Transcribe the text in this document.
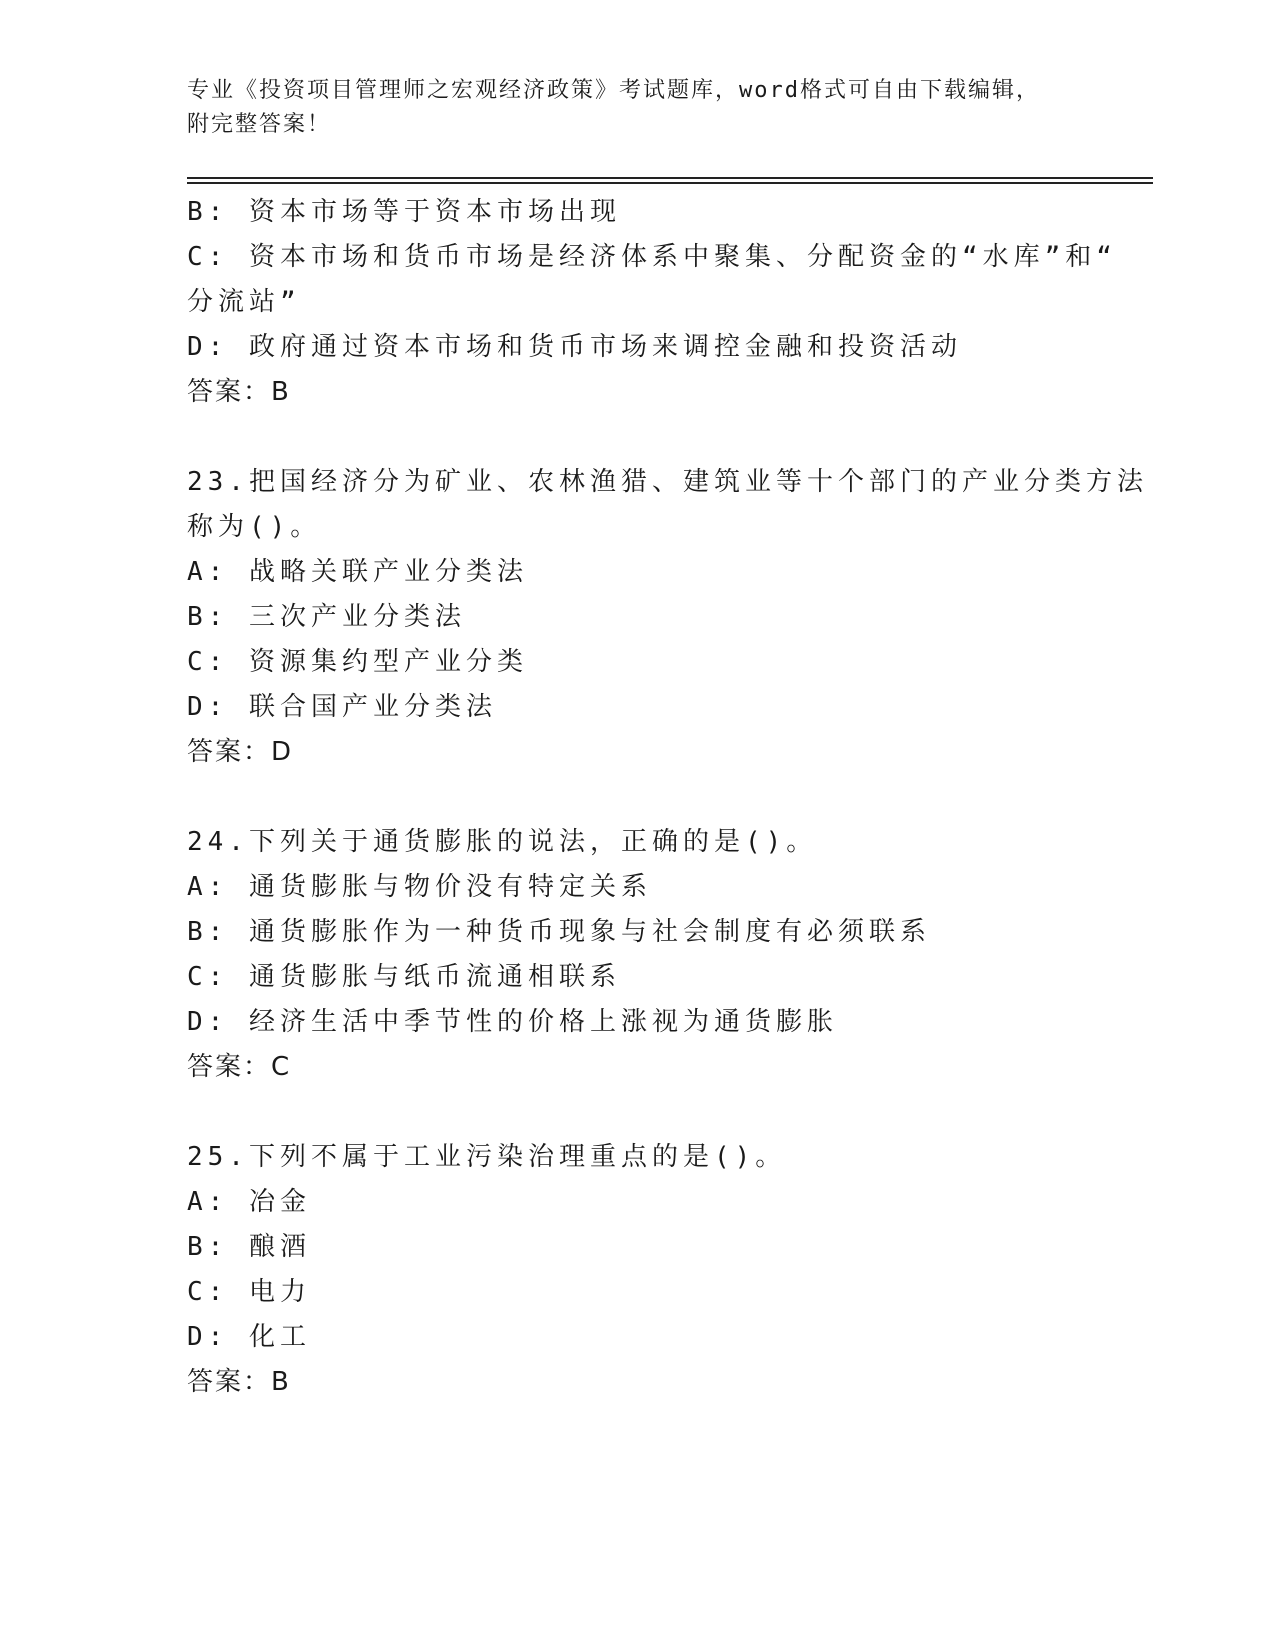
专业《投资项目管理师之宏观经济政策》考试题库，word格式可自由下载编辑，
附完整答案！
B: 资本市场等于资本市场出现
C: 资本市场和货币市场是经济体系中聚集、分配资金的“水库”和“
分流站”
D: 政府通过资本市场和货币市场来调控金融和投资活动
答案：B
23.把国经济分为矿业、农林渔猎、建筑业等十个部门的产业分类方法
称为()。
A: 战略关联产业分类法
B: 三次产业分类法
C: 资源集约型产业分类
D: 联合国产业分类法
答案：D
24.下列关于通货膨胀的说法，正确的是()。
A: 通货膨胀与物价没有特定关系
B: 通货膨胀作为一种货币现象与社会制度有必须联系
C: 通货膨胀与纸币流通相联系
D: 经济生活中季节性的价格上涨视为通货膨胀
答案：C
25.下列不属于工业污染治理重点的是()。
A: 冶金
B: 酿酒
C: 电力
D: 化工
答案：B
